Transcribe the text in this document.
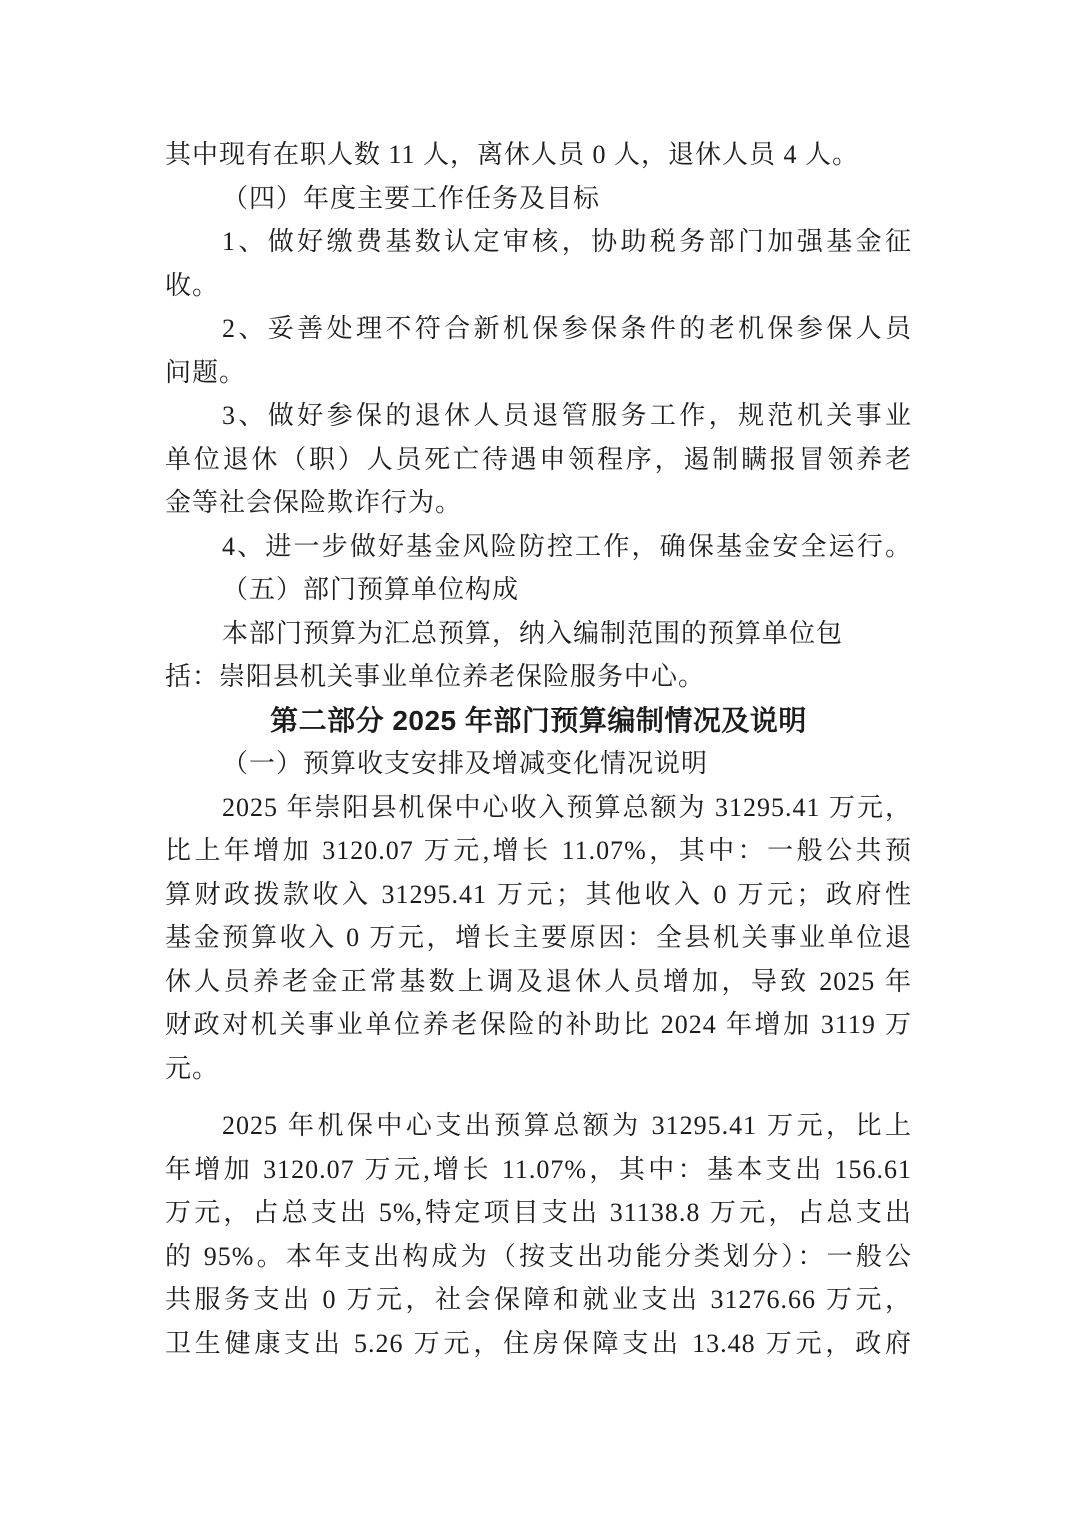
其中现有在职人数 11 人，离休人员 0 人，退休人员 4 人。
（四）年度主要工作任务及目标
1、做好缴费基数认定审核，协助税务部门加强基金征
收。
2、妥善处理不符合新机保参保条件的老机保参保人员
问题。
3、做好参保的退休人员退管服务工作，规范机关事业
单位退休（职）人员死亡待遇申领程序，遏制瞒报冒领养老
金等社会保险欺诈行为。
4、进一步做好基金风险防控工作，确保基金安全运行。
（五）部门预算单位构成
本部门预算为汇总预算，纳入编制范围的预算单位包
括：崇阳县机关事业单位养老保险服务中心。
第二部分 2025 年部门预算编制情况及说明
（一）预算收支安排及增减变化情况说明
2025 年崇阳县机保中心收入预算总额为 31295.41 万元，
比上年增加 3120.07 万元,增长 11.07%，其中：一般公共预
算财政拨款收入 31295.41 万元；其他收入 0 万元；政府性
基金预算收入 0 万元，增长主要原因：全县机关事业单位退
休人员养老金正常基数上调及退休人员增加，导致 2025 年
财政对机关事业单位养老保险的补助比 2024 年增加 3119 万
元。
2025 年机保中心支出预算总额为 31295.41 万元，比上
年增加 3120.07 万元,增长 11.07%，其中：基本支出 156.61
万元，占总支出 5%,特定项目支出 31138.8 万元，占总支出
的 95%。本年支出构成为（按支出功能分类划分）：一般公
共服务支出 0 万元，社会保障和就业支出 31276.66 万元，
卫生健康支出 5.26 万元，住房保障支出 13.48 万元，政府
